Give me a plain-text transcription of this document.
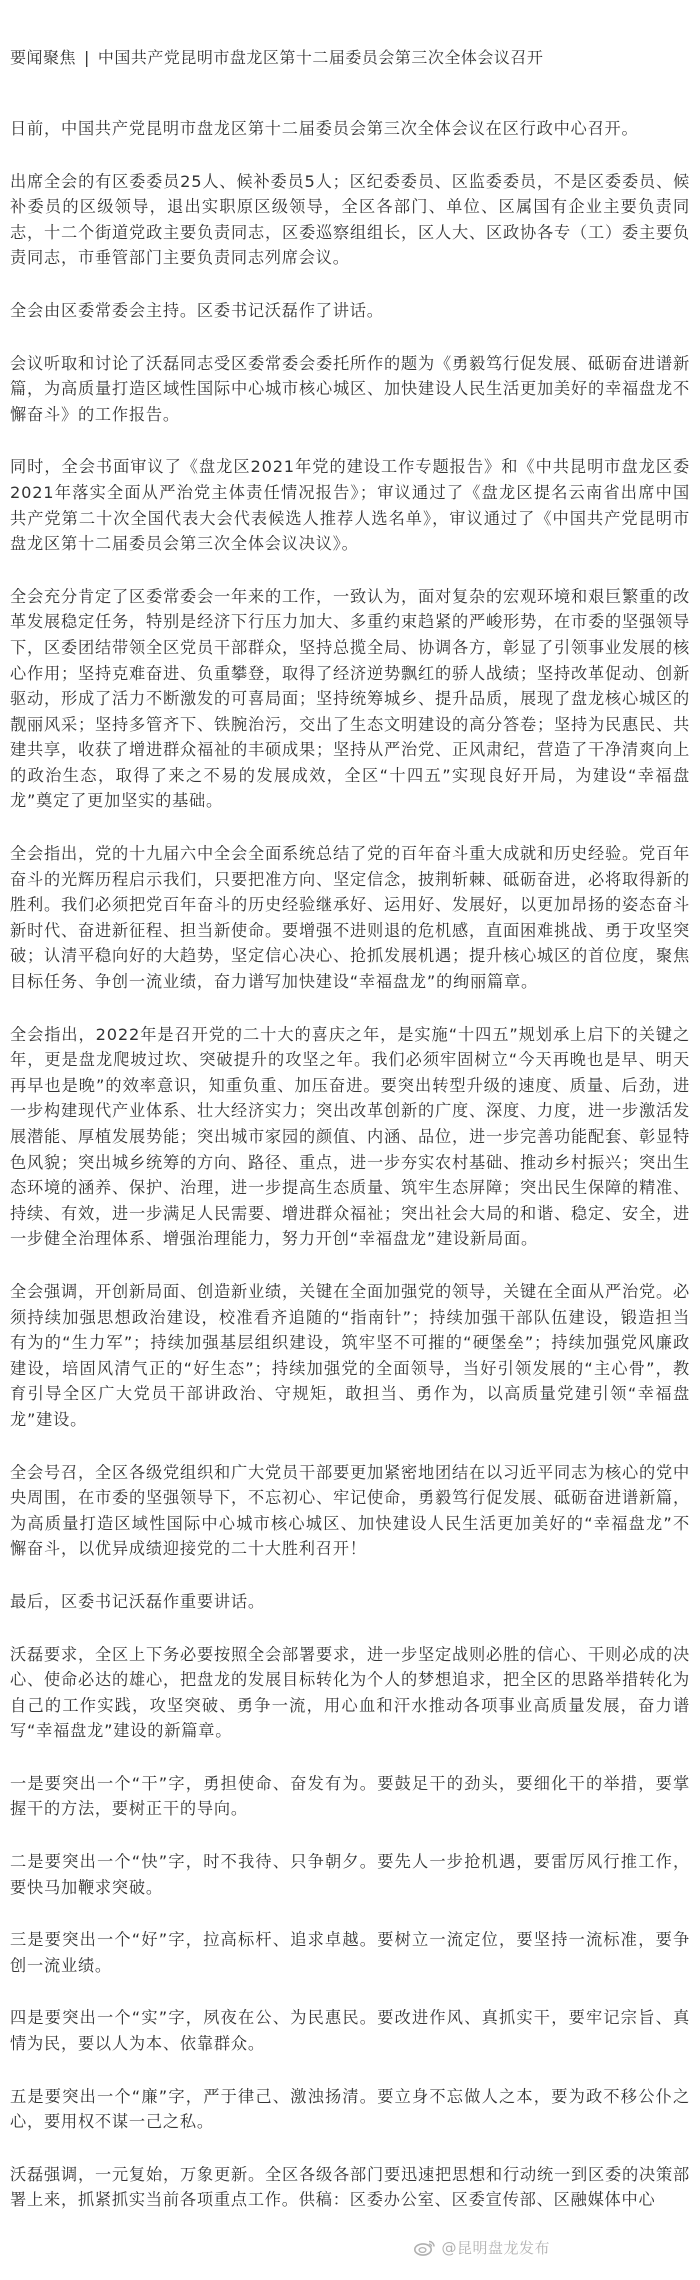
要闻聚焦 | 中国共产党昆明市盘龙区第十二届委员会第三次全体会议召开

日前，中国共产党昆明市盘龙区第十二届委员会第三次全体会议在区行政中心召开。

出席全会的有区委委员25人、候补委员5人；区纪委委员、区监委委员，不是区委委员、候补委员的区级领导，退出实职原区级领导，全区各部门、单位、区属国有企业主要负责同志，十二个街道党政主要负责同志，区委巡察组组长，区人大、区政协各专（工）委主要负责同志，市垂管部门主要负责同志列席会议。

全会由区委常委会主持。区委书记沃磊作了讲话。

会议听取和讨论了沃磊同志受区委常委会委托所作的题为《勇毅笃行促发展、砥砺奋进谱新篇，为高质量打造区域性国际中心城市核心城区、加快建设人民生活更加美好的幸福盘龙不懈奋斗》的工作报告。

同时，全会书面审议了《盘龙区2021年党的建设工作专题报告》和《中共昆明市盘龙区委2021年落实全面从严治党主体责任情况报告》；审议通过了《盘龙区提名云南省出席中国共产党第二十次全国代表大会代表候选人推荐人选名单》，审议通过了《中国共产党昆明市盘龙区第十二届委员会第三次全体会议决议》。

全会充分肯定了区委常委会一年来的工作，一致认为，面对复杂的宏观环境和艰巨繁重的改革发展稳定任务，特别是经济下行压力加大、多重约束趋紧的严峻形势，在市委的坚强领导下，区委团结带领全区党员干部群众，坚持总揽全局、协调各方，彰显了引领事业发展的核心作用；坚持克难奋进、负重攀登，取得了经济逆势飘红的骄人战绩；坚持改革促动、创新驱动，形成了活力不断激发的可喜局面；坚持统筹城乡、提升品质，展现了盘龙核心城区的靓丽风采；坚持多管齐下、铁腕治污，交出了生态文明建设的高分答卷；坚持为民惠民、共建共享，收获了增进群众福祉的丰硕成果；坚持从严治党、正风肃纪，营造了干净清爽向上的政治生态，取得了来之不易的发展成效，全区“十四五”实现良好开局，为建设“幸福盘龙”奠定了更加坚实的基础。

全会指出，党的十九届六中全会全面系统总结了党的百年奋斗重大成就和历史经验。党百年奋斗的光辉历程启示我们，只要把准方向、坚定信念，披荆斩棘、砥砺奋进，必将取得新的胜利。我们必须把党百年奋斗的历史经验继承好、运用好、发展好，以更加昂扬的姿态奋斗新时代、奋进新征程、担当新使命。要增强不进则退的危机感，直面困难挑战、勇于攻坚突破；认清平稳向好的大趋势，坚定信心决心、抢抓发展机遇；提升核心城区的首位度，聚焦目标任务、争创一流业绩，奋力谱写加快建设“幸福盘龙”的绚丽篇章。

全会指出，2022年是召开党的二十大的喜庆之年，是实施“十四五”规划承上启下的关键之年，更是盘龙爬坡过坎、突破提升的攻坚之年。我们必须牢固树立“今天再晚也是早、明天再早也是晚”的效率意识，知重负重、加压奋进。要突出转型升级的速度、质量、后劲，进一步构建现代产业体系、壮大经济实力；突出改革创新的广度、深度、力度，进一步激活发展潜能、厚植发展势能；突出城市家园的颜值、内涵、品位，进一步完善功能配套、彰显特色风貌；突出城乡统筹的方向、路径、重点，进一步夯实农村基础、推动乡村振兴；突出生态环境的涵养、保护、治理，进一步提高生态质量、筑牢生态屏障；突出民生保障的精准、持续、有效，进一步满足人民需要、增进群众福祉；突出社会大局的和谐、稳定、安全，进一步健全治理体系、增强治理能力，努力开创“幸福盘龙”建设新局面。

全会强调，开创新局面、创造新业绩，关键在全面加强党的领导，关键在全面从严治党。必须持续加强思想政治建设，校准看齐追随的“指南针”；持续加强干部队伍建设，锻造担当有为的“生力军”；持续加强基层组织建设，筑牢坚不可摧的“硬堡垒”；持续加强党风廉政建设，培固风清气正的“好生态”；持续加强党的全面领导，当好引领发展的“主心骨”，教育引导全区广大党员干部讲政治、守规矩，敢担当、勇作为，以高质量党建引领“幸福盘龙”建设。

全会号召，全区各级党组织和广大党员干部要更加紧密地团结在以习近平同志为核心的党中央周围，在市委的坚强领导下，不忘初心、牢记使命，勇毅笃行促发展、砥砺奋进谱新篇，为高质量打造区域性国际中心城市核心城区、加快建设人民生活更加美好的“幸福盘龙”不懈奋斗，以优异成绩迎接党的二十大胜利召开！

最后，区委书记沃磊作重要讲话。

沃磊要求，全区上下务必要按照全会部署要求，进一步坚定战则必胜的信心、干则必成的决心、使命必达的雄心，把盘龙的发展目标转化为个人的梦想追求，把全区的思路举措转化为自己的工作实践，攻坚突破、勇争一流，用心血和汗水推动各项事业高质量发展，奋力谱写“幸福盘龙”建设的新篇章。

一是要突出一个“干”字，勇担使命、奋发有为。要鼓足干的劲头，要细化干的举措，要掌握干的方法，要树正干的导向。

二是要突出一个“快”字，时不我待、只争朝夕。要先人一步抢机遇，要雷厉风行推工作，要快马加鞭求突破。

三是要突出一个“好”字，拉高标杆、追求卓越。要树立一流定位，要坚持一流标准，要争创一流业绩。

四是要突出一个“实”字，夙夜在公、为民惠民。要改进作风、真抓实干，要牢记宗旨、真情为民，要以人为本、依靠群众。

五是要突出一个“廉”字，严于律己、激浊扬清。要立身不忘做人之本，要为政不移公仆之心，要用权不谋一己之私。

沃磊强调，一元复始，万象更新。全区各级各部门要迅速把思想和行动统一到区委的决策部署上来，抓紧抓实当前各项重点工作。供稿：区委办公室、区委宣传部、区融媒体中心

@昆明盘龙发布
